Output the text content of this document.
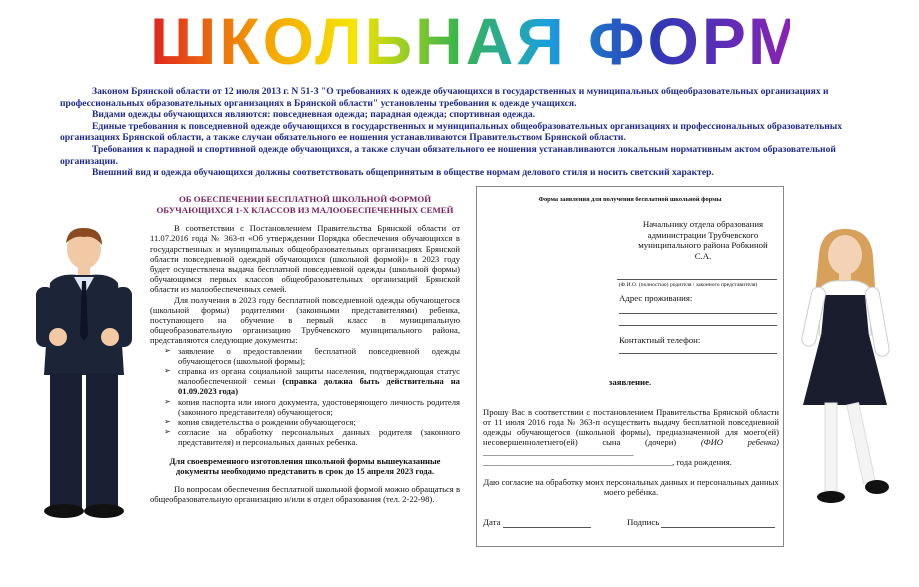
ШКОЛЬНАЯ ФОРМА

Законом Брянской области от 12 июля 2013 г. N 51-З "О требованиях к одежде обучающихся в государственных и муниципальных общеобразовательных организациях и профессиональных образовательных организациях в Брянской области" установлены требования к одежде учащихся.

Видами одежды обучающихся являются: повседневная одежда; парадная одежда; спортивная одежда.

Единые требования к повседневной одежде обучающихся в государственных и муниципальных общеобразовательных организациях и профессиональных образовательных организациях Брянской области, а также случаи обязательного ее ношения устанавливаются Правительством Брянской области.

Требования к парадной и спортивной одежде обучающихся, а также случаи обязательного ее ношения устанавливаются локальным нормативным актом образовательной организации.

Внешний вид и одежда обучающихся должны соответствовать общепринятым в обществе нормам делового стиля и носить светский характер.

ОБ ОБЕСПЕЧЕНИИ БЕСПЛАТНОЙ ШКОЛЬНОЙ ФОРМОЙ ОБУЧАЮЩИХСЯ 1-Х КЛАССОВ ИЗ МАЛООБЕСПЕЧЕННЫХ СЕМЕЙ

В соответствии с Постановлением Правительства Брянской области от 11.07.2016 года № 363-п «Об утверждении Порядка обеспечения обучающихся в государственных и муниципальных общеобразовательных организациях Брянской области повседневной одеждой обучающихся (школьной формой)» в 2023 году будет осуществлена выдача бесплатной повседневной одежды (школьной формы) обучающимся первых классов общеобразовательных организаций Брянской области из малообеспеченных семей.

Для получения в 2023 году бесплатной повседневной одежды обучающегося (школьной формы) родителями (законными представителями) ребенка, поступающего на обучение в первый класс в муниципальную общеобразовательную организацию Трубчевского муниципального района, представляются следующие документы:

➢ заявление о предоставлении бесплатной повседневной одежды обучающегося (школьной формы);
➢ справка из органа социальной защиты населения, подтверждающая статус малообеспеченной семьи (справка должна быть действительна на 01.09.2023 года)
➢ копия паспорта или иного документа, удостоверяющего личность родителя (законного представителя) обучающегося;
➢ копия свидетельства о рождении обучающегося;
➢ согласие на обработку персональных данных родителя (законного представителя) и персональных данных ребенка.

Для своевременного изготовления школьной формы вышеуказанные документы необходимо представить в срок до 15 апреля 2023 года.

По вопросам обеспечения бесплатной школьной формой можно обращаться в общеобразовательную организацию и/или в отдел образования (тел. 2-22-98).

Форма заявления для получения бесплатной школьной формы
Начальнику отдела образования администрации Трубчевского муниципального района Робкиной С.А.
(Ф.И.О. (полностью) родителя / законного представителя)
Адрес проживания:
Контактный телефон:
заявление.
Прошу Вас в соответствии с постановлением Правительства Брянской области от 11 июля 2016 года № 363-п осуществить выдачу бесплатной повседневной одежды обучающегося (школьной формы), предназначенной для моего(ей) несовершеннолетнего(ей) сына (дочери)	(ФИО ребенка) ___________________________________
____________________________________________, года рождения.
Даю согласие на обработку моих персональных данных и персональных данных моего ребёнка.
Дата	Подпись
